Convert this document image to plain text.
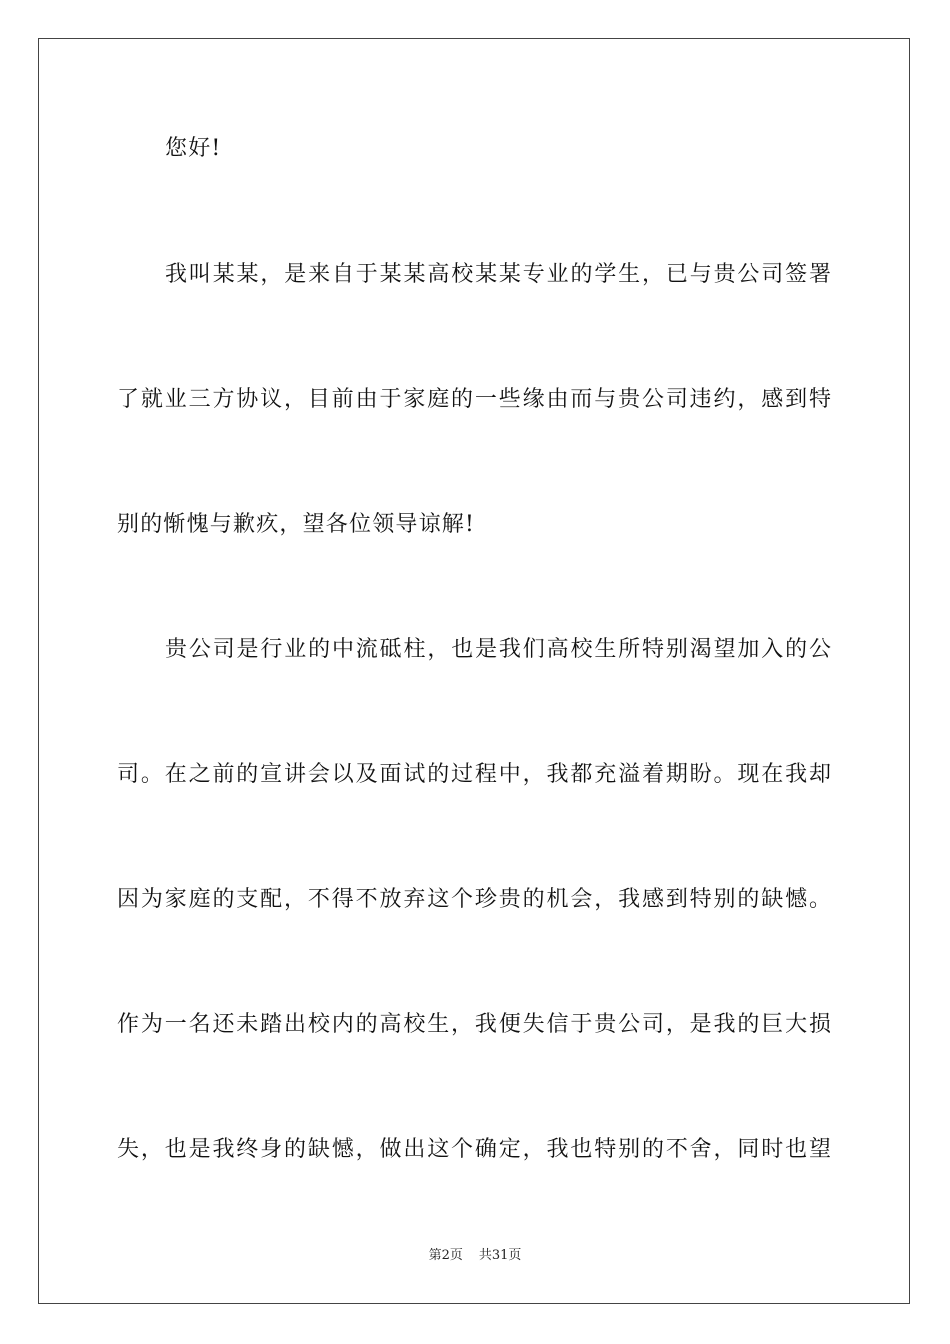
您好!
我叫某某，是来自于某某高校某某专业的学生，已与贵公司签署
了就业三方协议，目前由于家庭的一些缘由而与贵公司违约，感到特
别的惭愧与歉疚，望各位领导谅解!
贵公司是行业的中流砥柱，也是我们高校生所特别渴望加入的公
司。在之前的宣讲会以及面试的过程中，我都充溢着期盼。现在我却
因为家庭的支配，不得不放弃这个珍贵的机会，我感到特别的缺憾。
作为一名还未踏出校内的高校生，我便失信于贵公司，是我的巨大损
失，也是我终身的缺憾，做出这个确定，我也特别的不舍，同时也望
第2页 共31页
